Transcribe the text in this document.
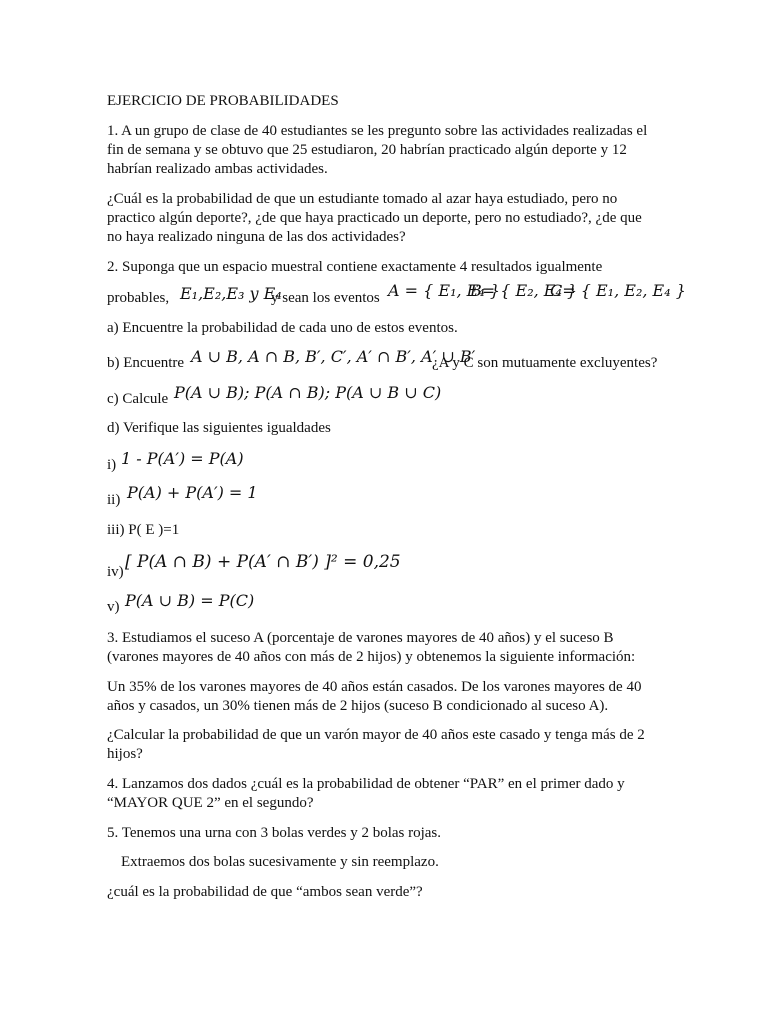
EJERCICIO DE PROBABILIDADES
1. A un grupo de clase de 40 estudiantes se les pregunto sobre las actividades realizadas el
fin de semana y se obtuvo que 25 estudiaron, 20 habrían practicado algún deporte y 12
habrían realizado ambas actividades.
¿Cuál es la probabilidad de que un estudiante tomado al azar haya estudiado, pero no
practico algún deporte?, ¿de que haya practicado un deporte, pero no estudiado?, ¿de que
no haya realizado ninguna de las dos actividades?
2. Suponga que un espacio muestral contiene exactamente 4 resultados igualmente
probables, E₁,E₂,E₃ y E₄
y sean los eventos A = { E₁, E₄ }
B= { E₂, E₄ }
C= { E₁, E₂, E₄ }
a) Encuentre la probabilidad de cada uno de estos eventos.
b) Encuentre A ∪ B, A ∩ B, B′, C′, A′ ∩ B′, A′ ∪ B′
¿A y C son mutuamente excluyentes?
c) Calcule P(A ∪ B); P(A ∩ B); P(A ∪ B ∪ C)
d) Verifique las siguientes igualdades
i) 1 - P(A′) = P(A)
ii) P(A) + P(A′) = 1
iii) P( E )=1
iv) [ P(A ∩ B) + P(A′ ∩ B′) ]² = 0,25
v) P(A ∪ B) = P(C)
3. Estudiamos el suceso A (porcentaje de varones mayores de 40 años) y el suceso B
(varones mayores de 40 años con más de 2 hijos) y obtenemos la siguiente información:
Un 35% de los varones mayores de 40 años están casados. De los varones mayores de 40
años y casados, un 30% tienen más de 2 hijos (suceso B condicionado al suceso A).
¿Calcular la probabilidad de que un varón mayor de 40 años este casado y tenga más de 2
hijos?
4. Lanzamos dos dados ¿cuál es la probabilidad de obtener “PAR” en el primer dado y
“MAYOR QUE 2” en el segundo?
5. Tenemos una urna con 3 bolas verdes y 2 bolas rojas.
Extraemos dos bolas sucesivamente y sin reemplazo.
¿cuál es la probabilidad de que “ambos sean verde”?
